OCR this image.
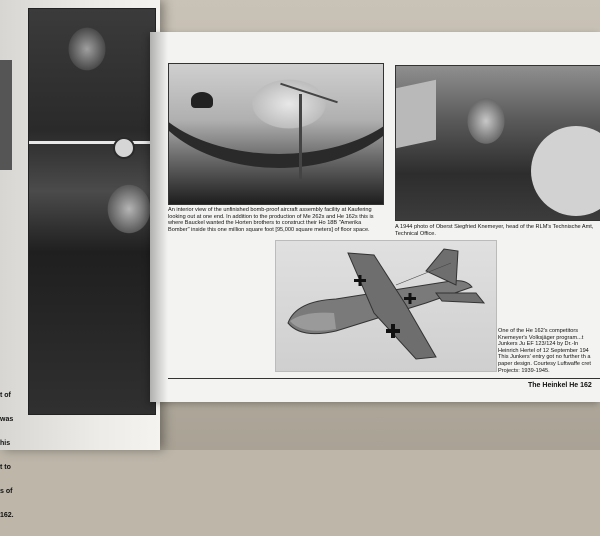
t of

was

his

t to

s of

162.

An interior view of the unfinished bomb-proof aircraft assembly facility at Kaufering looking out at one end. In addition to the production of Me 262s and He 162s this is where Bauckel wanted the Horten brothers to construct their Ho 18B "Amerika Bomber" inside this one million square foot [95,000 square meters] of floor space.	A 1944 photo of Oberst Siegfried Knemeyer, head of the RLM's Technische Amt, Technical Office.
One of the He 162's competitors Knemeyer's Volksjäger program...t Junkers Ju EF 123/124 by Dr.-In Heinrich Hertel of 12 September 194 This Junkers' entry got no further th a paper design. Courtesy Luftwaffe cret Projects: 1939-1945.
The Heinkel He 162
